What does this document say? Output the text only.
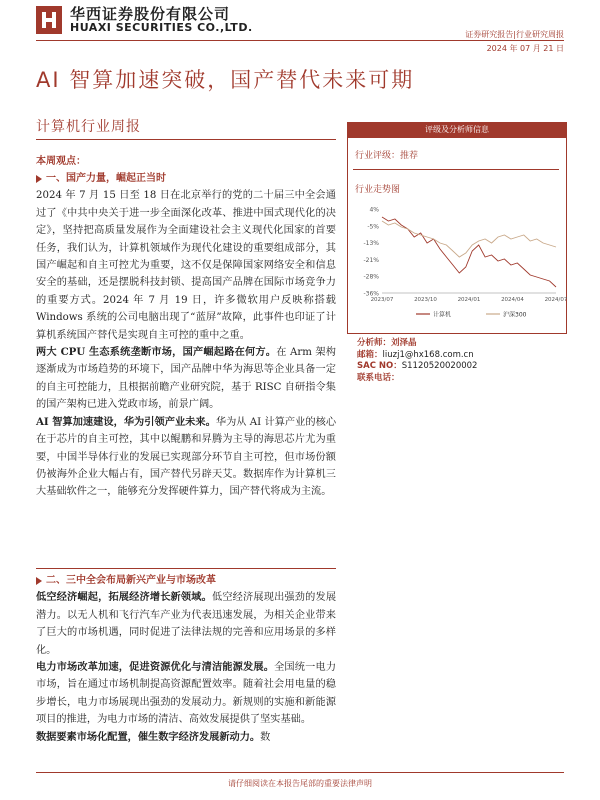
华西证券股份有限公司
HUAXI SECURITIES CO.,LTD.
证券研究报告|行业研究周报
2024 年 07 月 21 日
AI 智算加速突破，国产替代未来可期
计算机行业周报
本周观点：
一、国产力量，崛起正当时

2024 年 7 月 15 日至 18 日在北京举行的党的二十届三中全会通过了《中共中央关于进一步全面深化改革、推进中国式现代化的决定》，坚持把高质量发展作为全面建设社会主义现代化国家的首要任务，我们认为，计算机领域作为现代化建设的重要组成部分，其国产崛起和自主可控尤为重要，这不仅是保障国家网络安全和信息安全的基础，还是摆脱科技封锁、提高国产品牌在国际市场竞争力的重要方式。2024 年 7 月 19 日，许多微软用户反映称搭载 Windows 系统的公司电脑出现了“蓝屏”故障，此事件也印证了计算机系统国产替代是实现自主可控的重中之重。

两大 CPU 生态系统垄断市场，国产崛起路在何方。在 Arm 架构逐渐成为市场趋势的环境下，国产品牌中华为海思等企业具备一定的自主可控能力，且根据前瞻产业研究院，基于 RISC 自研指令集的国产架构已进入党政市场，前景广阔。

AI 智算加速建设，华为引领产业未来。华为从 AI 计算产业的核心在于芯片的自主可控，其中以鲲鹏和昇腾为主导的海思芯片尤为重要，中国半导体行业的发展已实现部分环节自主可控，但市场份额仍被海外企业大幅占有，国产替代另辟天艾。数据库作为计算机三大基础软件之一，能够充分发挥硬件算力，国产替代将成为主流。

二、三中全会布局新兴产业与市场改革

低空经济崛起，拓展经济增长新领域。低空经济展现出强劲的发展潜力。以无人机和飞行汽车产业为代表迅速发展，为相关企业带来了巨大的市场机遇，同时促进了法律法规的完善和应用场景的多样化。

电力市场改革加速，促进资源优化与清洁能源发展。全国统一电力市场，旨在通过市场机制提高资源配置效率。随着社会用电量的稳步增长，电力市场展现出强劲的发展动力。新规则的实施和新能源项目的推进，为电力市场的清洁、高效发展提供了坚实基础。

数据要素市场化配置，催生数字经济发展新动力。数

评级及分析师信息
行业评级：推荐
行业走势图
4%
-5%
-13%
-21%
-28%
-36%
2023/07	2023/10	2024/01	2024/04	2024/07
计算机	沪深300
分析师：刘泽晶
邮箱：liuzj1@hx168.com.cn
SAC NO：S1120520020002
联系电话：
请仔细阅读在本报告尾部的重要法律声明
